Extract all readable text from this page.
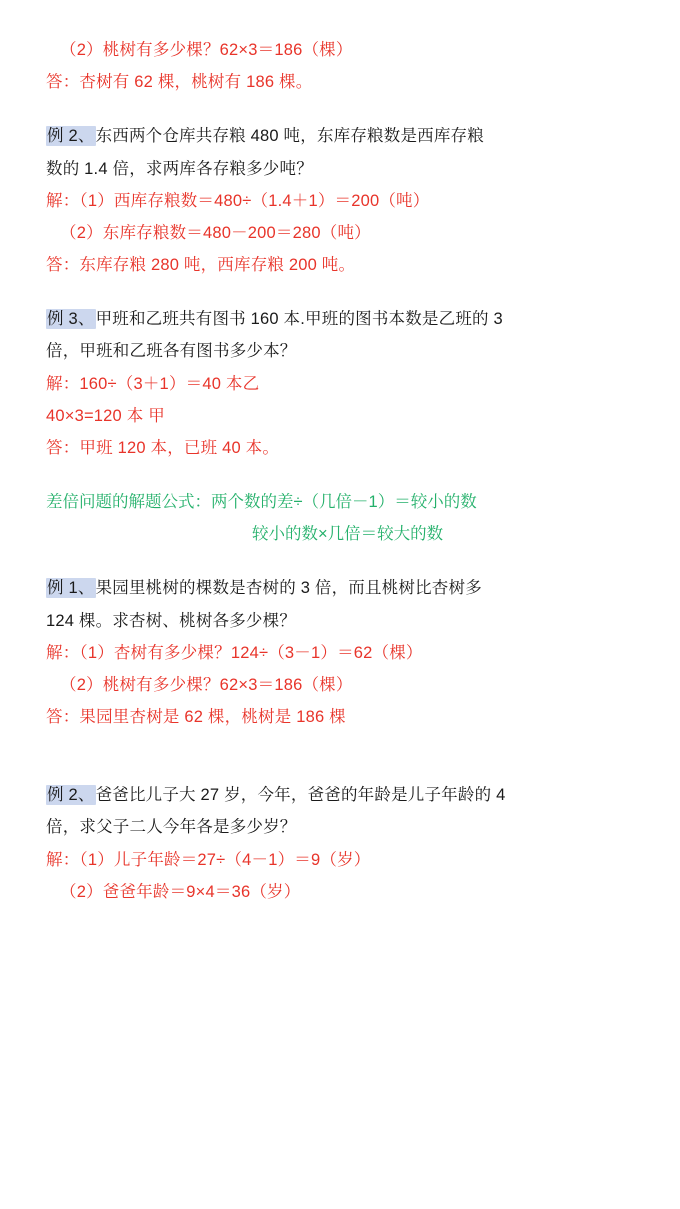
（2）桃树有多少棵？62×3＝186（棵）

答：杏树有 62 棵，桃树有 186 棵。

例 2、东西两个仓库共存粮 480 吨，东库存粮数是西库存粮

数的 1.4 倍，求两库各存粮多少吨？

解：（1）西库存粮数＝480÷（1.4＋1）＝200（吨）

（2）东库存粮数＝480－200＝280（吨）

答：东库存粮 280 吨，西库存粮 200 吨。

例 3、甲班和乙班共有图书 160 本.甲班的图书本数是乙班的 3

倍，甲班和乙班各有图书多少本？

解：160÷（3＋1）＝40 本乙

40×3=120 本 甲

答：甲班 120 本，已班 40 本。

差倍问题的解题公式：两个数的差÷（几倍－1）＝较小的数

较小的数×几倍＝较大的数

例 1、果园里桃树的棵数是杏树的 3 倍，而且桃树比杏树多

124 棵。求杏树、桃树各多少棵？

解：（1）杏树有多少棵？124÷（3－1）＝62（棵）

（2）桃树有多少棵？62×3＝186（棵）

答：果园里杏树是 62 棵，桃树是 186 棵

例 2、爸爸比儿子大 27 岁，今年，爸爸的年龄是儿子年龄的 4

倍，求父子二人今年各是多少岁？

解：（1）儿子年龄＝27÷（4－1）＝9（岁）

（2）爸爸年龄＝9×4＝36（岁）
